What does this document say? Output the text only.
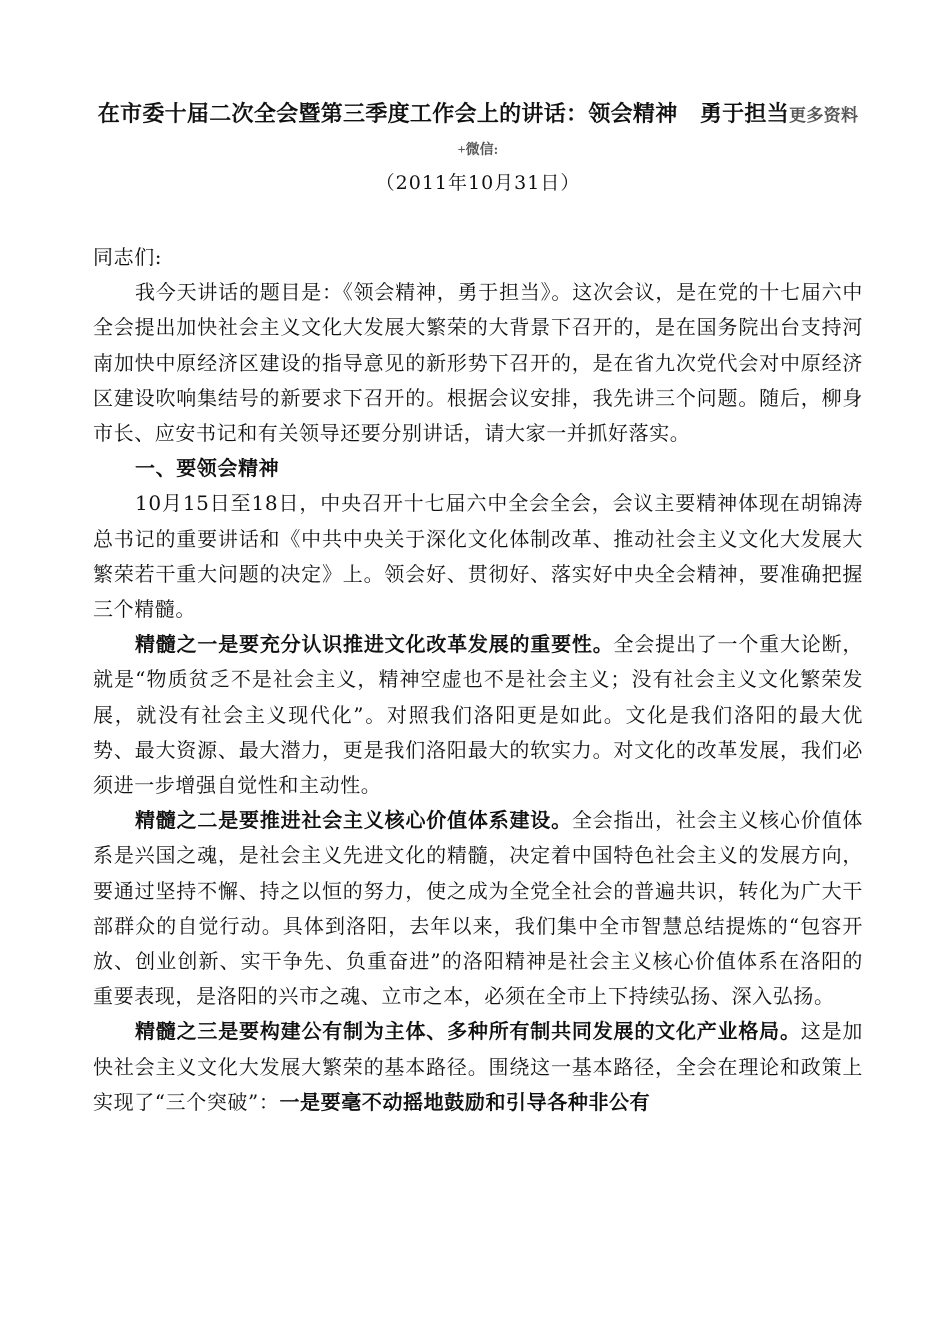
在市委十届二次全会暨第三季度工作会上的讲话：领会精神　勇于担当更多资料

+微信:

（2011年10月31日）

同志们:

我今天讲话的题目是：《领会精神，勇于担当》。这次会议，是在党的十七届六中全会提出加快社会主义文化大发展大繁荣的大背景下召开的，是在国务院出台支持河南加快中原经济区建设的指导意见的新形势下召开的，是在省九次党代会对中原经济区建设吹响集结号的新要求下召开的。根据会议安排，我先讲三个问题。随后，柳身市长、应安书记和有关领导还要分别讲话，请大家一并抓好落实。

一、要领会精神

10月15日至18日，中央召开十七届六中全会全会，会议主要精神体现在胡锦涛总书记的重要讲话和《中共中央关于深化文化体制改革、推动社会主义文化大发展大繁荣若干重大问题的决定》上。领会好、贯彻好、落实好中央全会精神，要准确把握三个精髓。

精髓之一是要充分认识推进文化改革发展的重要性。全会提出了一个重大论断，就是“物质贫乏不是社会主义，精神空虚也不是社会主义；没有社会主义文化繁荣发展，就没有社会主义现代化”。对照我们洛阳更是如此。文化是我们洛阳的最大优势、最大资源、最大潜力，更是我们洛阳最大的软实力。对文化的改革发展，我们必须进一步增强自觉性和主动性。

精髓之二是要推进社会主义核心价值体系建设。全会指出，社会主义核心价值体系是兴国之魂，是社会主义先进文化的精髓，决定着中国特色社会主义的发展方向，要通过坚持不懈、持之以恒的努力，使之成为全党全社会的普遍共识，转化为广大干部群众的自觉行动。具体到洛阳，去年以来，我们集中全市智慧总结提炼的“包容开放、创业创新、实干争先、负重奋进”的洛阳精神是社会主义核心价值体系在洛阳的重要表现，是洛阳的兴市之魂、立市之本，必须在全市上下持续弘扬、深入弘扬。

精髓之三是要构建公有制为主体、多种所有制共同发展的文化产业格局。这是加快社会主义文化大发展大繁荣的基本路径。围绕这一基本路径，全会在理论和政策上实现了“三个突破”：一是要毫不动摇地鼓励和引导各种非公有
